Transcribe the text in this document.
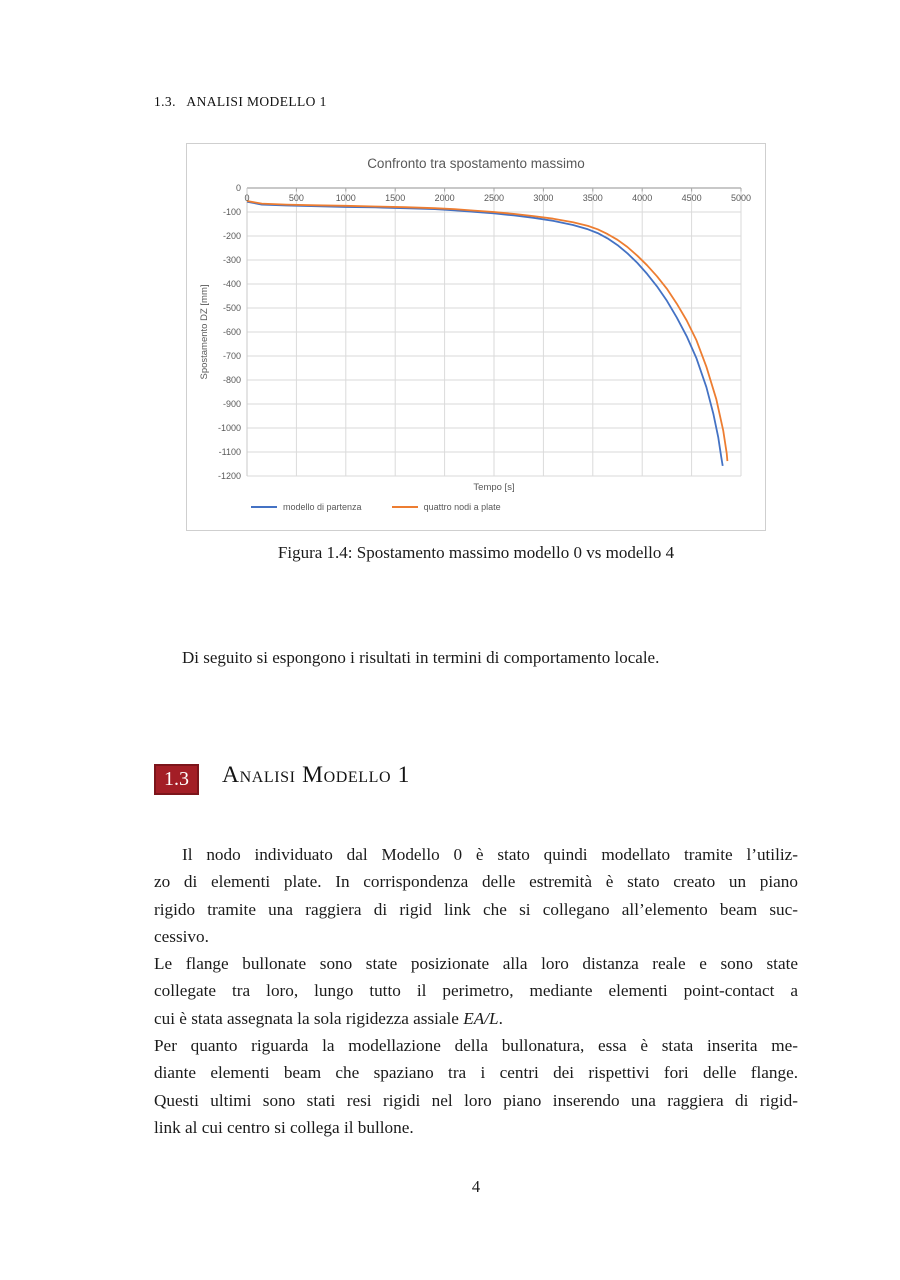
1.3.   ANALISI MODELLO 1
Confronto tra spostamento massimo
0	500	1000	1500	2000	2500	3000	3500	4000	4500	5000
0
-100
-200
-300
-400
-500
-600
-700
-800
-900
-1000
-1100
-1200
Spostamento DZ [mm]
Tempo [s]
modello di partenza	quattro nodi a plate
Figura 1.4: Spostamento massimo modello 0 vs modello 4
Di seguito si espongono i risultati in termini di comportamento locale.
1.3	Analisi Modello 1
Il nodo individuato dal Modello 0 è stato quindi modellato tramite l’utiliz-
zo di elementi plate. In corrispondenza delle estremità è stato creato un piano
rigido tramite una raggiera di rigid link che si collegano all’elemento beam suc-
cessivo.
Le flange bullonate sono state posizionate alla loro distanza reale e sono state
collegate tra loro, lungo tutto il perimetro, mediante elementi point-contact a
cui è stata assegnata la sola rigidezza assiale EA/L.
Per quanto riguarda la modellazione della bullonatura, essa è stata inserita me-
diante elementi beam che spaziano tra i centri dei rispettivi fori delle flange.
Questi ultimi sono stati resi rigidi nel loro piano inserendo una raggiera di rigid-
link al cui centro si collega il bullone.
4
